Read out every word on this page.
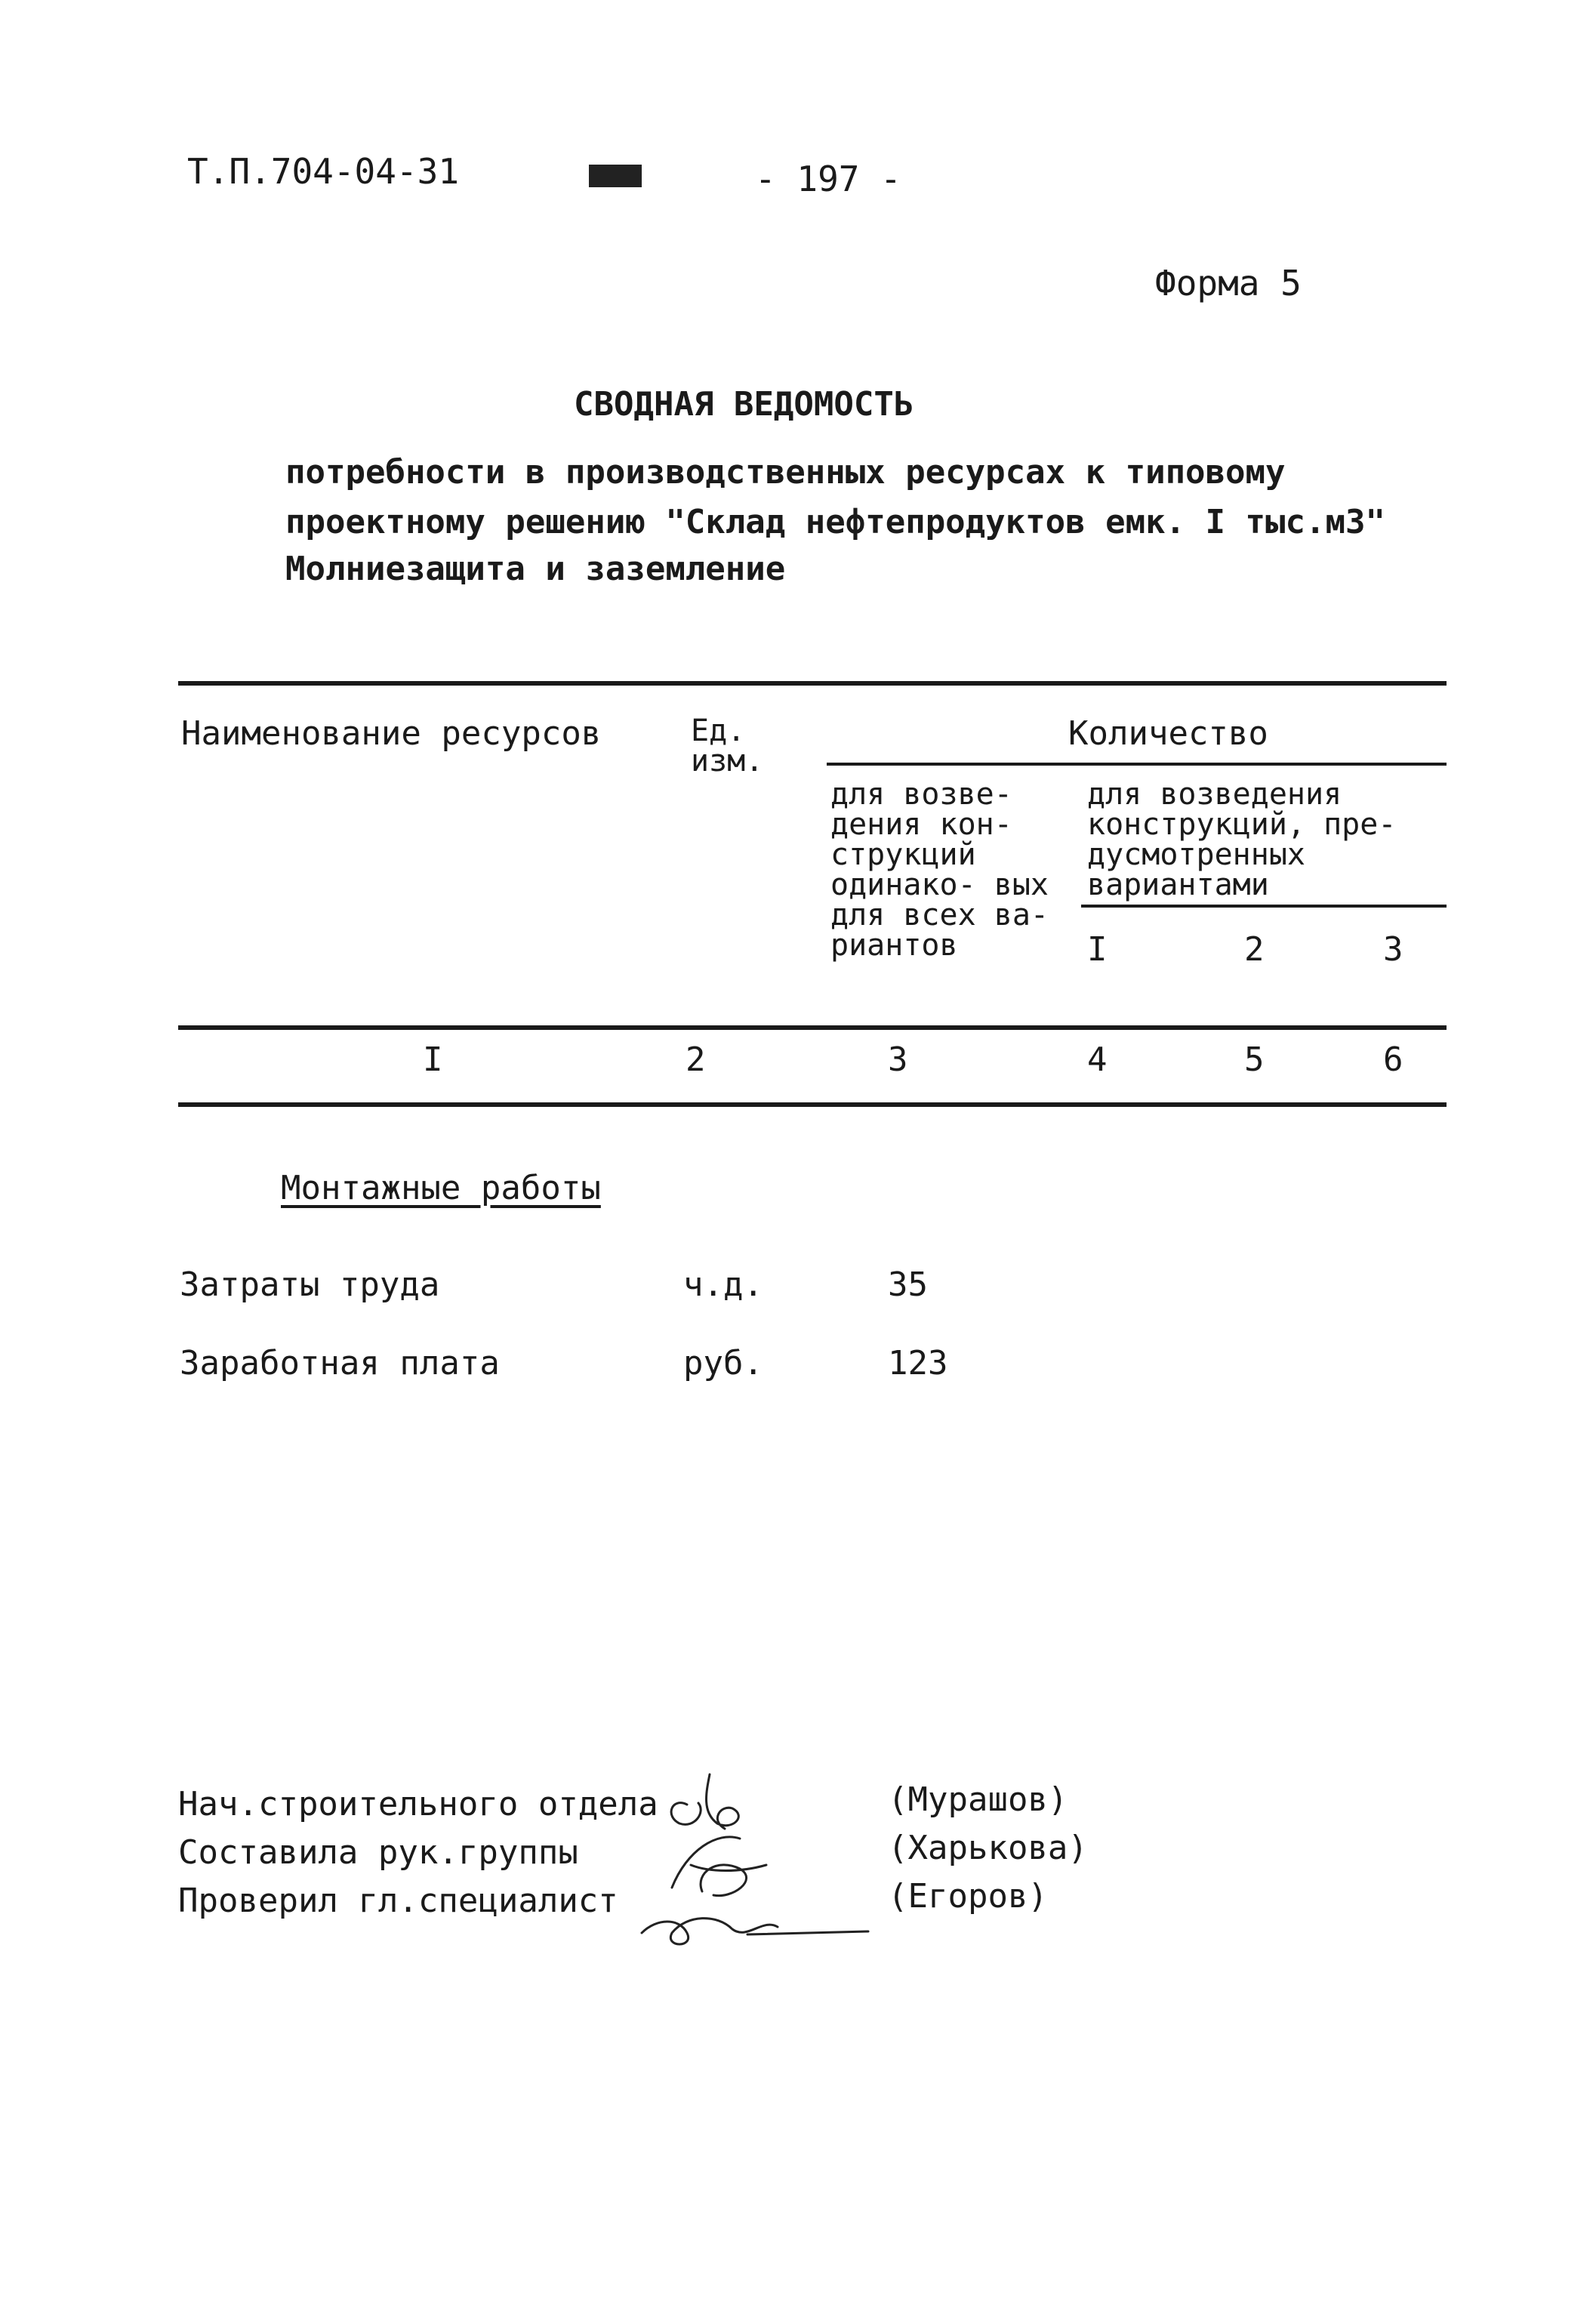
Т.П.704-04-31	- 197 -
Форма 5
СВОДНАЯ ВЕДОМОСТЬ
потребности в производственных ресурсах к типовому
проектному решению "Склад нефтепродуктов емк. I тыс.м3"
Молниезащита и заземление
Наименование ресурсов	Ед. изм.
Количество
для возве- дения кон- струкций одинако- вых для всех ва- риантов
для возведения конструкций, пре- дусмотренных вариантами
I	2	3
I	2	3	4	5	6
Монтажные работы
Затраты труда	ч.д.	35
Заработная плата	руб.	123
Нач.строительного отдела	(Мурашов)
Составила рук.группы	(Харькова)
Проверил гл.специалист	(Егоров)
